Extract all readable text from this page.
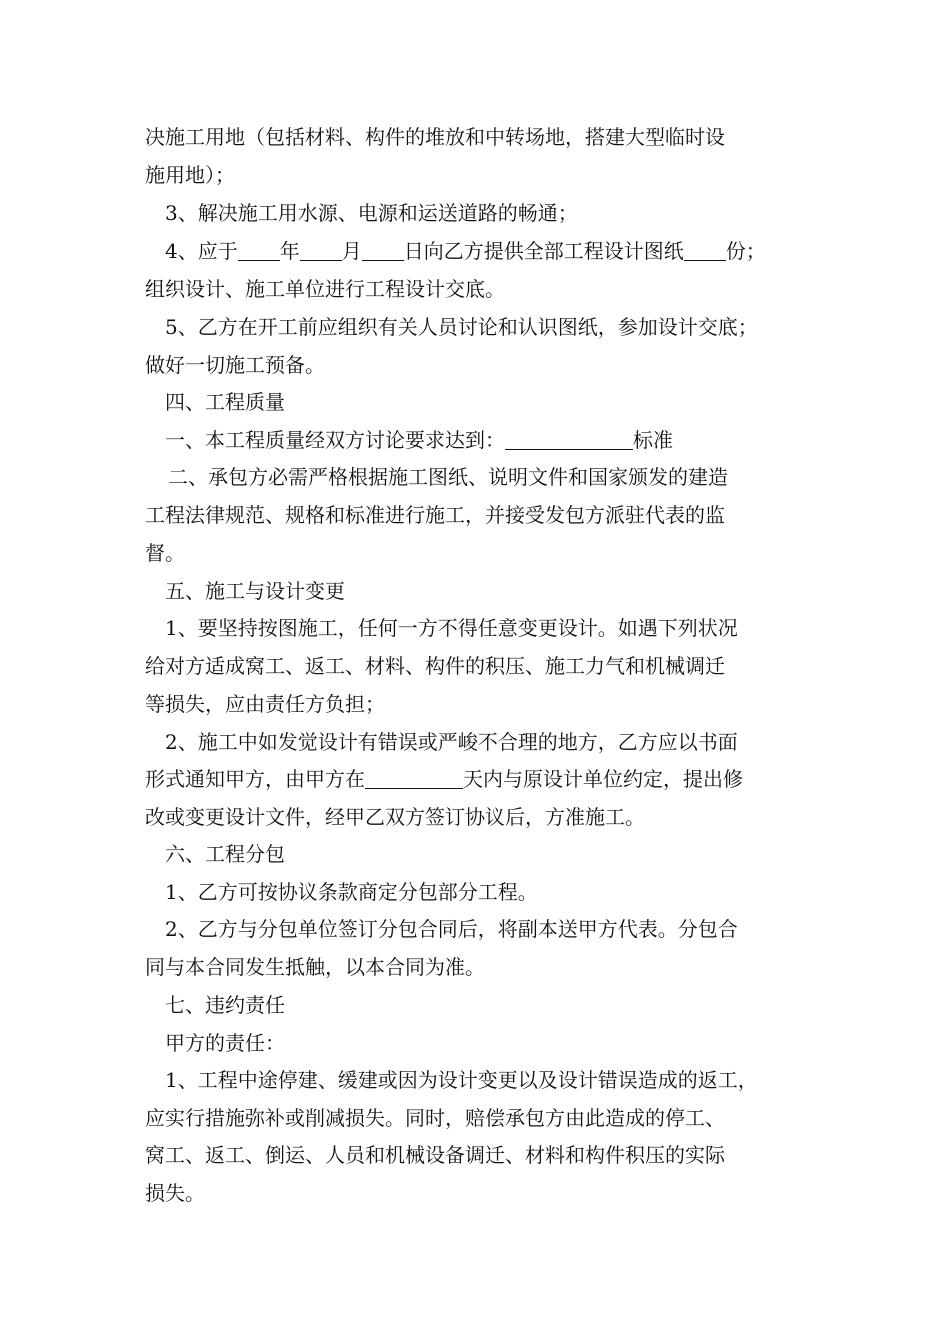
决施工用地（包括材料、构件的堆放和中转场地，搭建大型临时设
施用地）；
3、解决施工用水源、电源和运送道路的畅通；
4、应于 年 月 日向乙方提供全部工程设计图纸 份；
组织设计、施工单位进行工程设计交底。
5、乙方在开工前应组织有关人员讨论和认识图纸，参加设计交底；
做好一切施工预备。
四、工程质量
一、本工程质量经双方讨论要求达到：	标准
二、承包方必需严格根据施工图纸、说明文件和国家颁发的建造
工程法律规范、规格和标准进行施工，并接受发包方派驻代表的监
督。
五、施工与设计变更
1、要坚持按图施工，任何一方不得任意变更设计。如遇下列状况
给对方适成窝工、返工、材料、构件的积压、施工力气和机械调迁
等损失，应由责任方负担；
2、施工中如发觉设计有错误或严峻不合理的地方，乙方应以书面
形式通知甲方，由甲方在	天内与原设计单位约定，提出修
改或变更设计文件，经甲乙双方签订协议后，方准施工。
六、工程分包
1、乙方可按协议条款商定分包部分工程。
2、乙方与分包单位签订分包合同后，将副本送甲方代表。分包合
同与本合同发生抵触，以本合同为准。
七、违约责任
甲方的责任：
1、工程中途停建、缓建或因为设计变更以及设计错误造成的返工，
应实行措施弥补或削减损失。同时，赔偿承包方由此造成的停工、
窝工、返工、倒运、人员和机械设备调迁、材料和构件积压的实际
损失。
